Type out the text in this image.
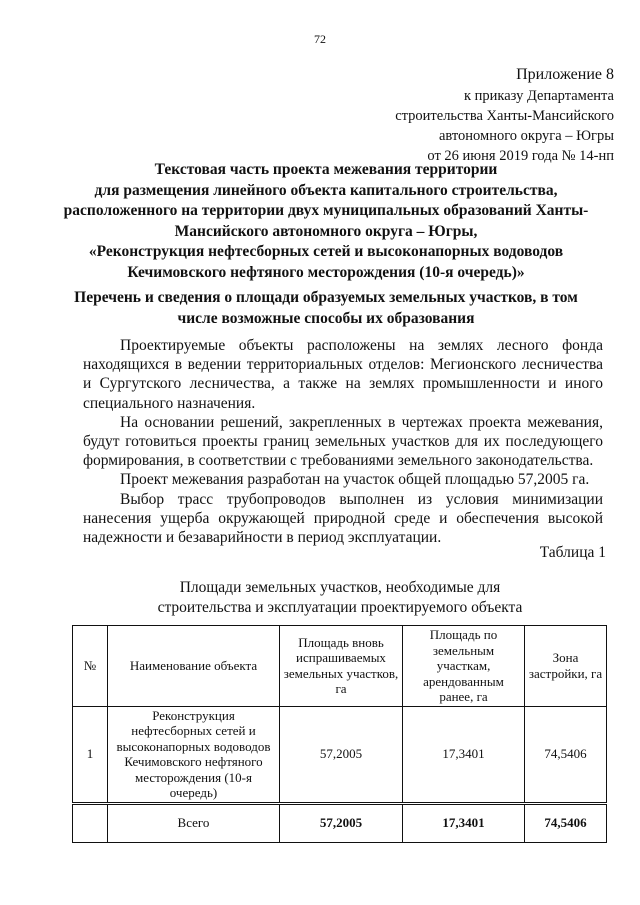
72
Приложение 8
к приказу Департамента
строительства Ханты-Мансийского
автономного округа – Югры
от 26 июня 2019 года № 14-нп
Текстовая часть проекта межевания территории
для размещения линейного объекта капитального строительства,
расположенного на территории двух муниципальных образований Ханты-
Мансийского автономного округа – Югры,
«Реконструкция нефтесборных сетей и высоконапорных водоводов
Кечимовского нефтяного месторождения (10-я очередь)»
Перечень и сведения о площади образуемых земельных участков, в том
числе возможные способы их образования

Проектируемые объекты расположены на землях лесного фонда находящихся в ведении территориальных отделов: Мегионского лесничества и Сургутского лесничества, а также на землях промышленности и иного специального назначения.

На основании решений, закрепленных в чертежах проекта межевания, будут готовиться проекты границ земельных участков для их последующего формирования, в соответствии с требованиями земельного законодательства.

Проект межевания разработан на участок общей площадью 57,2005 га.

Выбор трасс трубопроводов выполнен из условия минимизации нанесения ущерба окружающей природной среде и обеспечения высокой надежности и безаварийности в период эксплуатации.

Таблица 1
Площади земельных участков, необходимые для
строительства и эксплуатации проектируемого объекта
№	Наименование объекта	Площадь вновь испрашиваемых земельных участков, га	Площадь по земельным участкам, арендованным ранее, га	Зона застройки, га
1	Реконструкция нефтесборных сетей и высоконапорных водоводов Кечимовского нефтяного месторождения (10-я очередь)	57,2005	17,3401	74,5406
	Всего	57,2005	17,3401	74,5406
